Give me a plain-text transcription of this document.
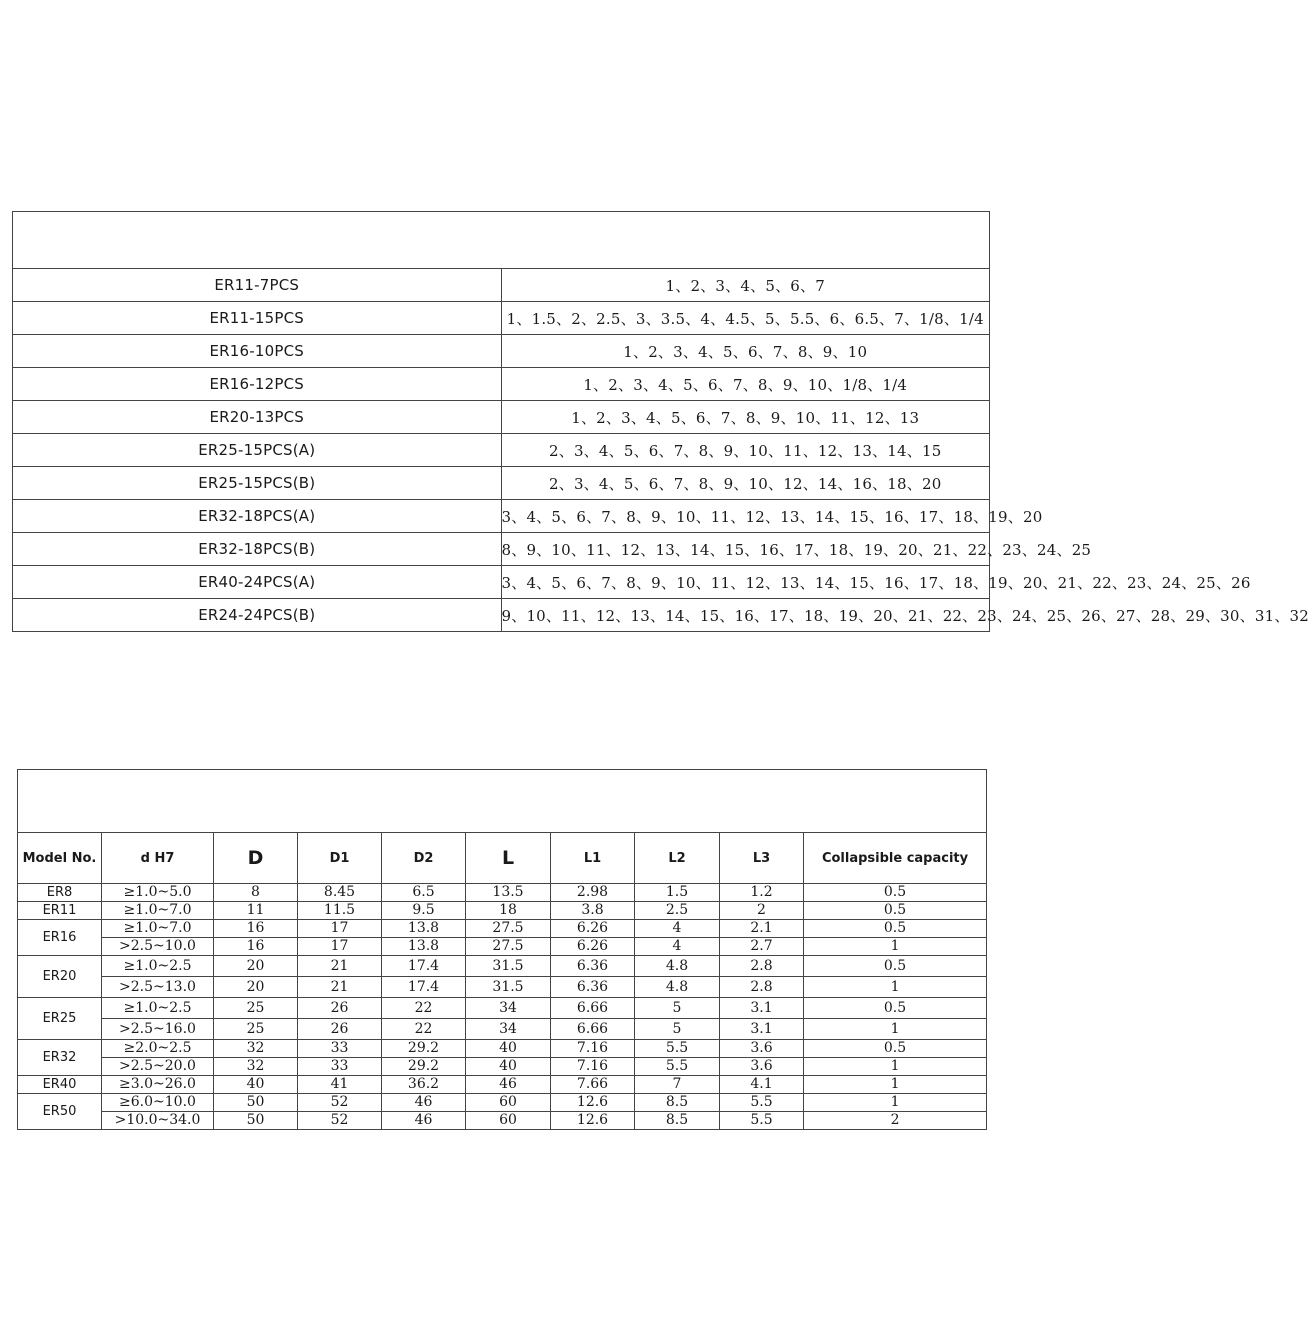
ER11-7PCS	1、2、3、4、5、6、7
ER11-15PCS	1、1.5、2、2.5、3、3.5、4、4.5、5、5.5、6、6.5、7、1/8、1/4
ER16-10PCS	1、2、3、4、5、6、7、8、9、10
ER16-12PCS	1、2、3、4、5、6、7、8、9、10、1/8、1/4
ER20-13PCS	1、2、3、4、5、6、7、8、9、10、11、12、13
ER25-15PCS(A)	2、3、4、5、6、7、8、9、10、11、12、13、14、15
ER25-15PCS(B)	2、3、4、5、6、7、8、9、10、12、14、16、18、20
ER32-18PCS(A)	3、4、5、6、7、8、9、10、11、12、13、14、15、16、17、18、19、20
ER32-18PCS(B)	8、9、10、11、12、13、14、15、16、17、18、19、20、21、22、23、24、25
ER40-24PCS(A)	3、4、5、6、7、8、9、10、11、12、13、14、15、16、17、18、19、20、21、22、23、24、25、26
ER24-24PCS(B)	9、10、11、12、13、14、15、16、17、18、19、20、21、22、23、24、25、26、27、28、29、30、31、32

Model No.	d H7	D	D1	D2	L	L1	L2	L3	Collapsible capacity
ER8	≥1.0~5.0	8	8.45	6.5	13.5	2.98	1.5	1.2	0.5
ER11	≥1.0~7.0	11	11.5	9.5	18	3.8	2.5	2	0.5
ER16	≥1.0~7.0	16	17	13.8	27.5	6.26	4	2.1	0.5
	>2.5~10.0	16	17	13.8	27.5	6.26	4	2.7	1
ER20	≥1.0~2.5	20	21	17.4	31.5	6.36	4.8	2.8	0.5
	>2.5~13.0	20	21	17.4	31.5	6.36	4.8	2.8	1
ER25	≥1.0~2.5	25	26	22	34	6.66	5	3.1	0.5
	>2.5~16.0	25	26	22	34	6.66	5	3.1	1
ER32	≥2.0~2.5	32	33	29.2	40	7.16	5.5	3.6	0.5
	>2.5~20.0	32	33	29.2	40	7.16	5.5	3.6	1
ER40	≥3.0~26.0	40	41	36.2	46	7.66	7	4.1	1
ER50	≥6.0~10.0	50	52	46	60	12.6	8.5	5.5	1
	>10.0~34.0	50	52	46	60	12.6	8.5	5.5	2
